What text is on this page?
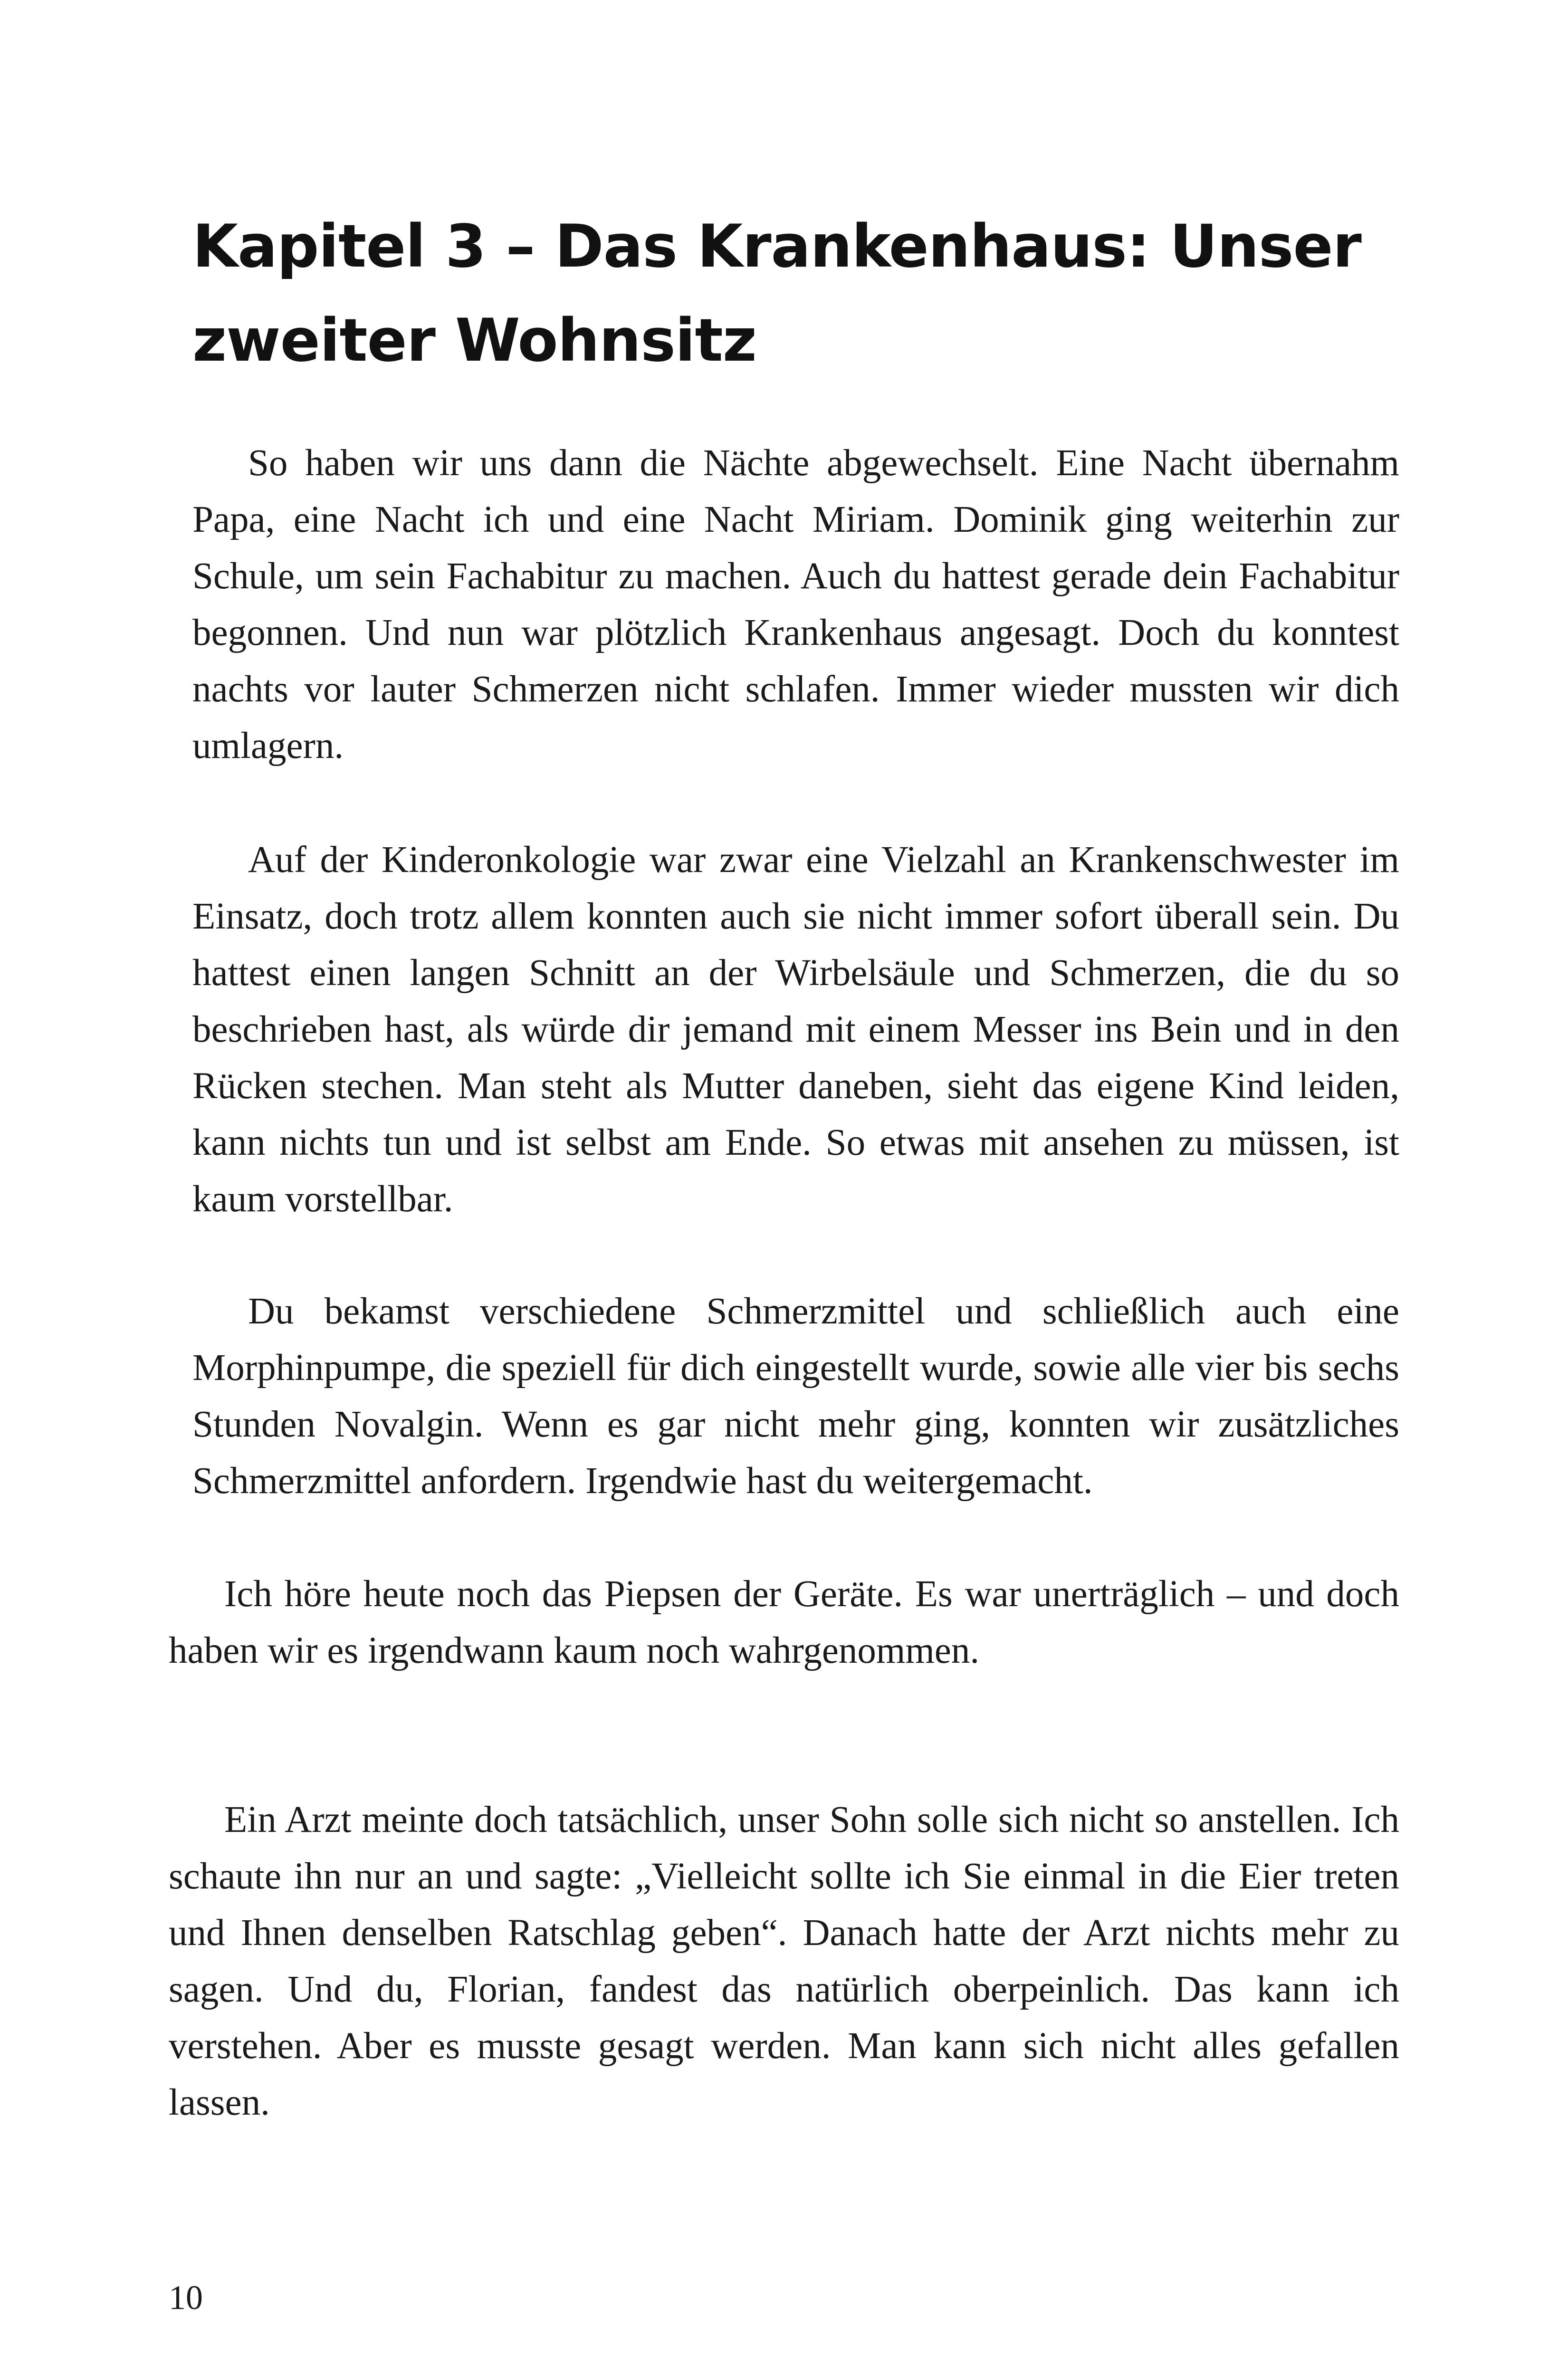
Kapitel 3 – Das Krankenhaus: Unser zweiter Wohnsitz

So haben wir uns dann die Nächte abgewechselt. Eine Nacht übernahm Papa, eine Nacht ich und eine Nacht Miriam. Dominik ging weiterhin zur Schule, um sein Fachabitur zu machen. Auch du hattest gerade dein Fachabitur begonnen. Und nun war plötzlich Krankenhaus angesagt. Doch du konntest nachts vor lauter Schmerzen nicht schlafen. Immer wieder mussten wir dich umlagern.

Auf der Kinderonkologie war zwar eine Vielzahl an Krankenschwester im Einsatz, doch trotz allem konnten auch sie nicht immer sofort überall sein. Du hattest einen langen Schnitt an der Wirbelsäule und Schmerzen, die du so beschrieben hast, als würde dir jemand mit einem Messer ins Bein und in den Rücken stechen. Man steht als Mutter daneben, sieht das eigene Kind leiden, kann nichts tun und ist selbst am Ende. So etwas mit ansehen zu müssen, ist kaum vorstellbar.

Du bekamst verschiedene Schmerzmittel und schließlich auch eine Morphinpumpe, die speziell für dich eingestellt wurde, sowie alle vier bis sechs Stunden Novalgin. Wenn es gar nicht mehr ging, konnten wir zusätzliches Schmerzmittel anfordern. Irgendwie hast du weitergemacht.

Ich höre heute noch das Piepsen der Geräte. Es war unerträglich – und doch haben wir es irgendwann kaum noch wahrgenommen.

Ein Arzt meinte doch tatsächlich, unser Sohn solle sich nicht so anstellen. Ich schaute ihn nur an und sagte: „Vielleicht sollte ich Sie einmal in die Eier treten und Ihnen denselben Ratschlag geben“. Danach hatte der Arzt nichts mehr zu sagen. Und du, Florian, fandest das natürlich oberpeinlich. Das kann ich verstehen. Aber es musste gesagt werden. Man kann sich nicht alles gefallen lassen.

10
